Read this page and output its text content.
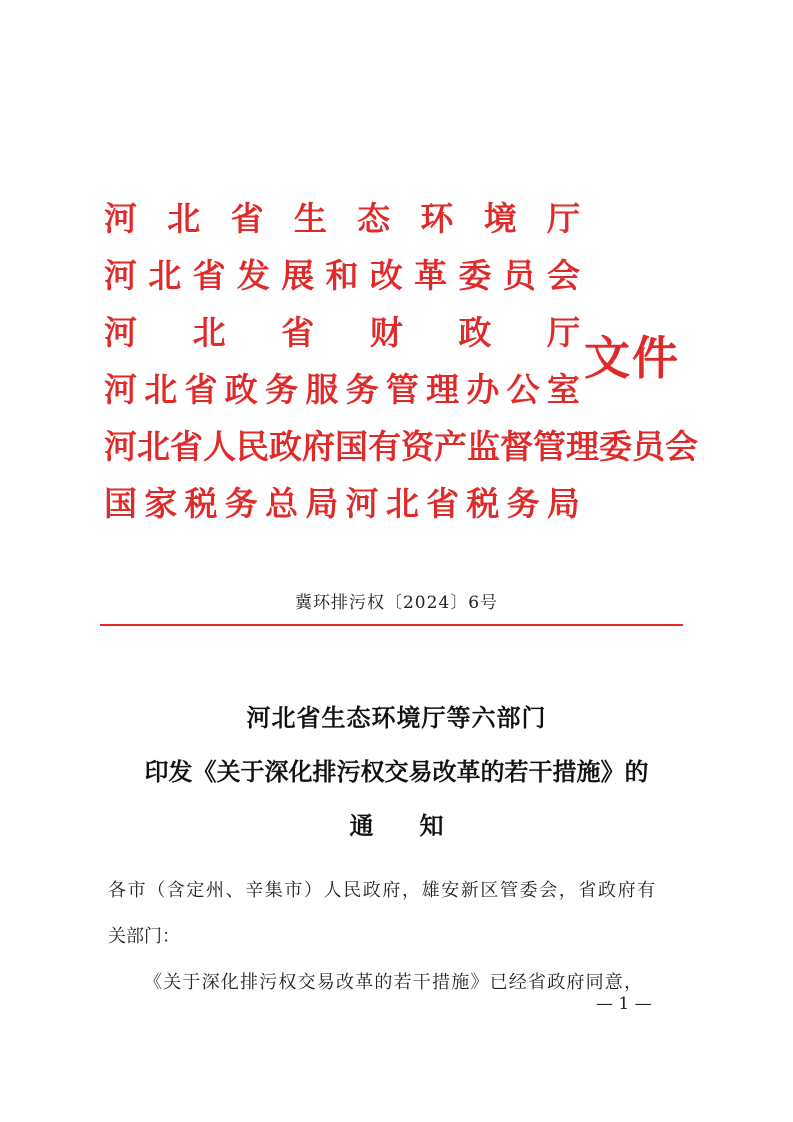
河 北 省 生 态 环 境 厅
河 北 省 发 展 和 改 革 委 员 会
河 北 省 财 政 厅
河 北 省 政 务 服 务 管 理 办 公 室
河 北 省 人 民 政 府 国 有 资 产 监 督 管 理 委 员 会
国 家 税 务 总 局 河 北 省 税 务 局
文件
冀环排污权〔2024〕6号
河北省生态环境厅等六部门
印发《关于深化排污权交易改革的若干措施》的
通知
各市（含定州、辛集市）人民政府，雄安新区管委会，省政府有
关部门：
《关于深化排污权交易改革的若干措施》已经省政府同意，
— 1 —
